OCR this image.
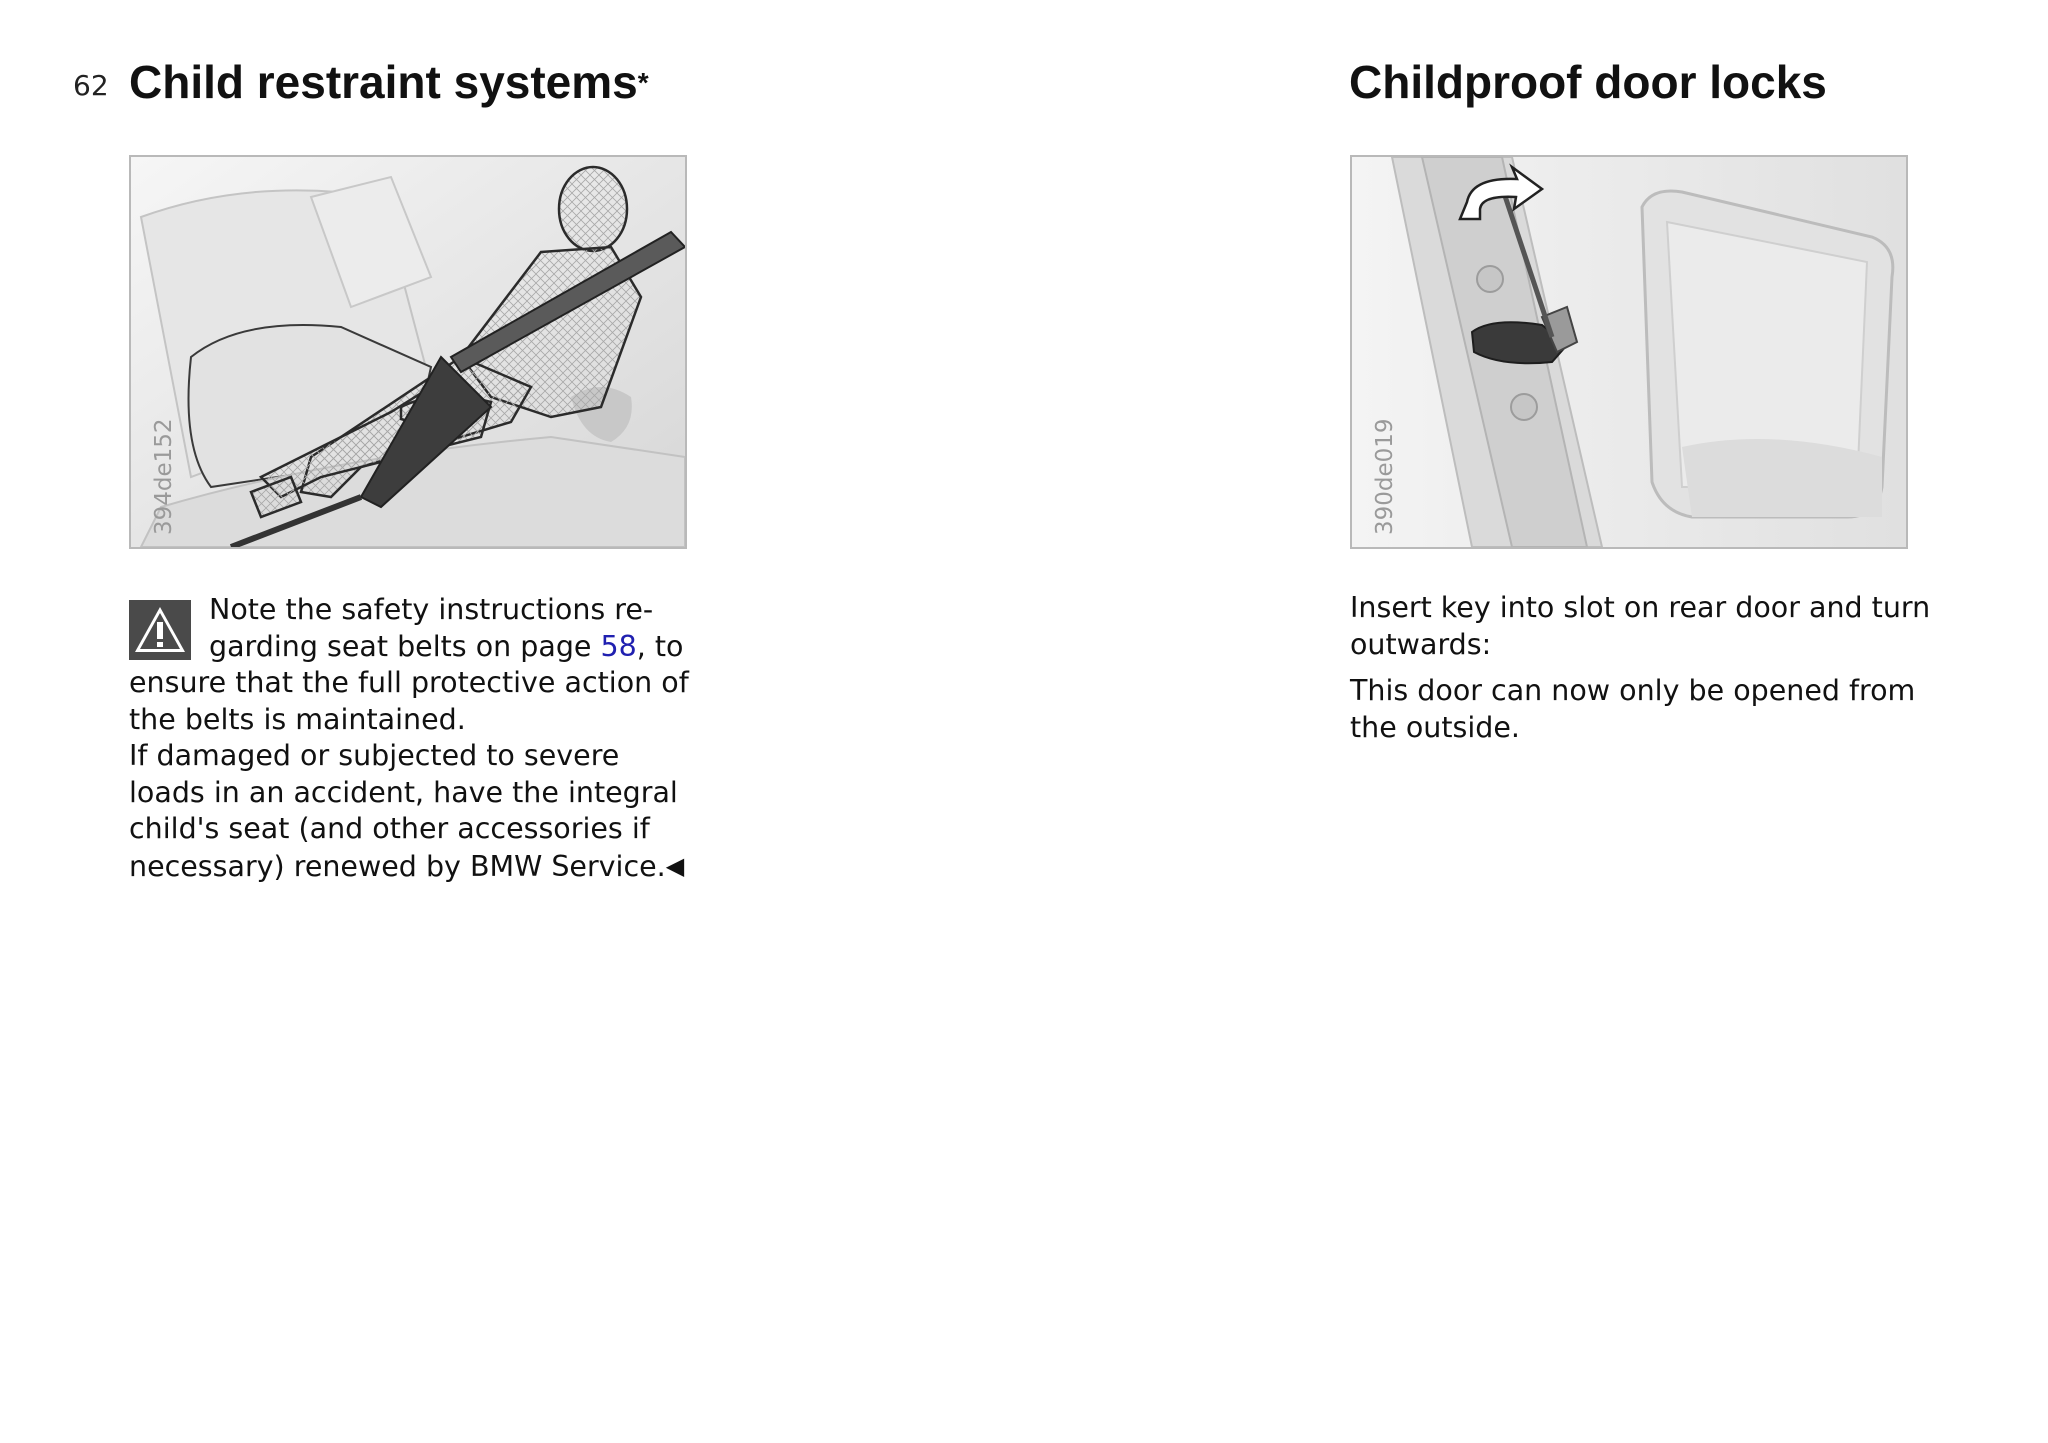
62 Child restraint systems*
394de152
Note the safety instructions re-
garding seat belts on page 58, to
ensure that the full protective action of
the belts is maintained.
If damaged or subjected to severe
loads in an accident, have the integral
child's seat (and other accessories if
necessary) renewed by BMW Service.◀
Childproof door locks
390de019
Insert key into slot on rear door and turn
outwards:
This door can now only be opened from
the outside.
